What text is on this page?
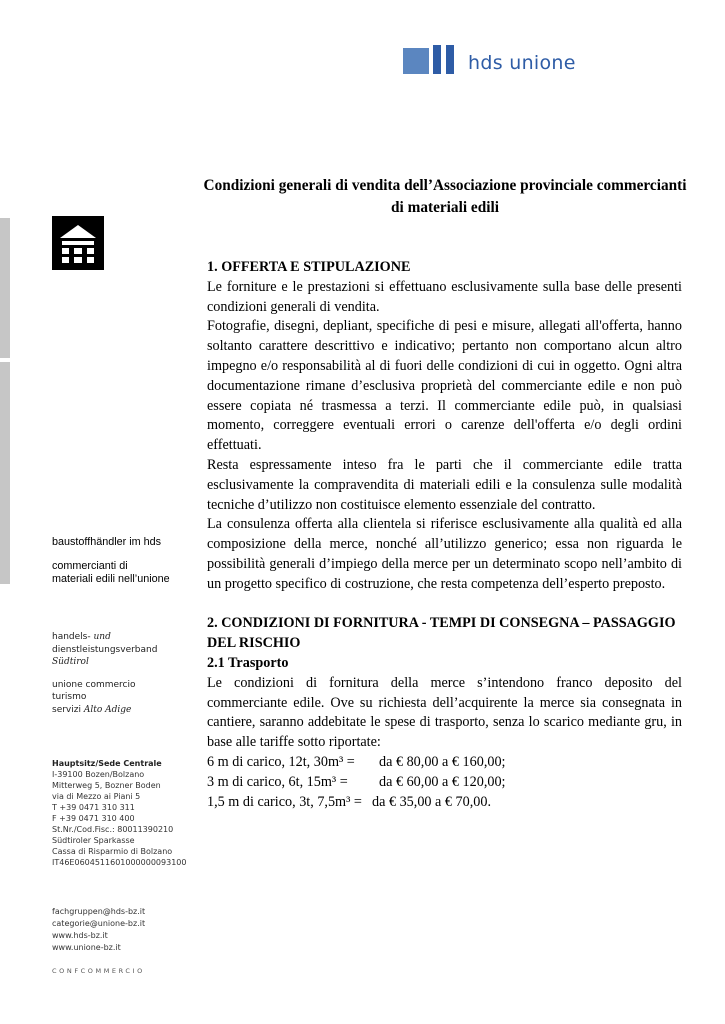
hds unione
Condizioni generali di vendita dell’Associazione provinciale commercianti di materiali edili
1. OFFERTA E STIPULAZIONE

Le forniture e le prestazioni si effettuano esclusivamente sulla base delle presenti condizioni generali di vendita.

Fotografie, disegni, depliant, specifiche di pesi e misure, allegati all'offerta, hanno soltanto carattere descrittivo e indicativo; pertanto non comportano alcun altro impegno e/o responsabilità al di fuori delle condizioni di cui in oggetto. Ogni altra documentazione rimane d’esclusiva proprietà del commerciante edile e non può essere copiata né trasmessa a terzi. Il commerciante edile può, in qualsiasi momento, correggere eventuali errori o carenze dell'offerta e/o degli ordini effettuati.

Resta espressamente inteso fra le parti che il commerciante edile tratta esclusivamente la compravendita di materiali edili e la consulenza sulle modalità tecniche d’utilizzo non costituisce elemento essenziale del contratto.

La consulenza offerta alla clientela si riferisce esclusivamente alla qualità ed alla composizione della merce, nonché all’utilizzo generico; essa non riguarda le possibilità generali d’impiego della merce per un determinato scopo nell’ambito di un progetto specifico di costruzione, che resta competenza dell’esperto preposto.

2. CONDIZIONI DI FORNITURA - TEMPI DI CONSEGNA – PASSAGGIO
DEL RISCHIO
2.1 Trasporto

Le condizioni di fornitura della merce s’intendono franco deposito del commerciante edile. Ove su richiesta dell’acquirente la merce sia consegnata in cantiere, saranno addebitate le spese di trasporto, senza lo scarico mediante gru, in base alle tariffe sotto riportate:

6 m di carico, 12t, 30m³ =	da € 80,00 a € 160,00;
3 m di carico, 6t, 15m³ =	da € 60,00 a € 120,00;
1,5 m di carico, 3t, 7,5m³ = da € 35,00 a € 70,00.

baustoffhändler im hds

commercianti di
materiali edili nell’unione

handels- und
dienstleistungsverband
Südtirol

unione commercio
turismo
servizi Alto Adige

Hauptsitz/Sede Centrale
I-39100 Bozen/Bolzano
Mitterweg 5, Bozner Boden
via di Mezzo ai Piani 5
T +39 0471 310 311
F +39 0471 310 400
St.Nr./Cod.Fisc.: 80011390210
Südtiroler Sparkasse
Cassa di Risparmio di Bolzano
IT46E0604511601000000093100
fachgruppen@hds-bz.it
categorie@unione-bz.it
www.hds-bz.it
www.unione-bz.it
CONFCOMMERCIO
